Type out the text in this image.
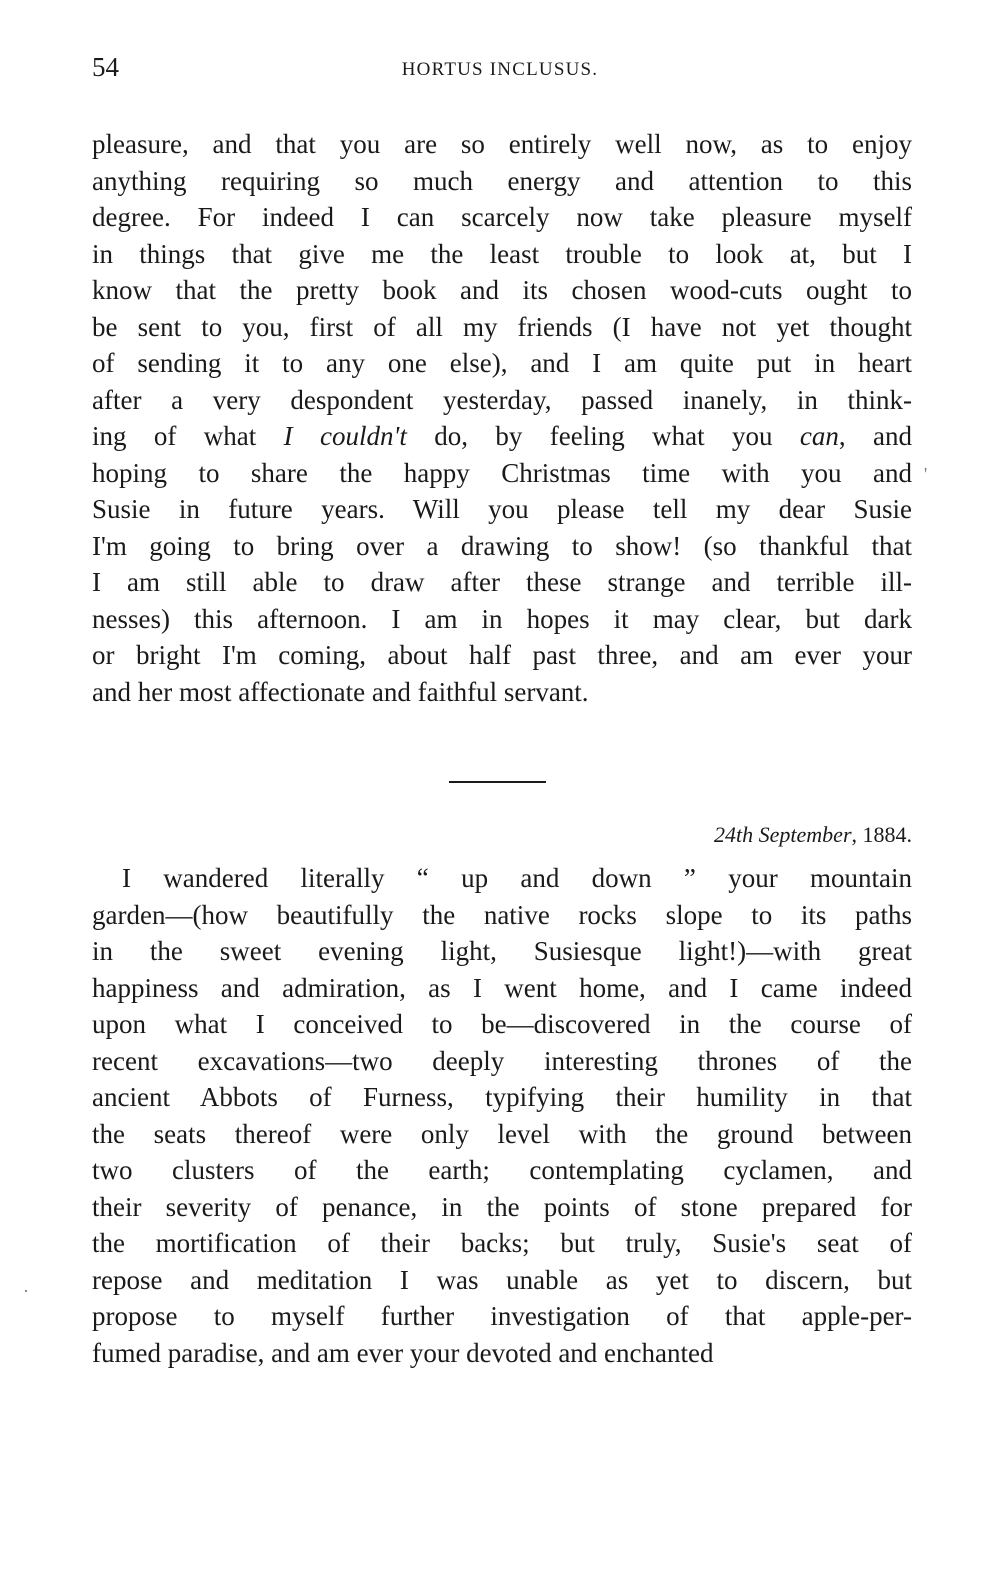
54	HORTUS INCLUSUS.
pleasure, and that you are so entirely well now, as to enjoy
anything requiring so much energy and attention to this
degree. For indeed I can scarcely now take pleasure myself
in things that give me the least trouble to look at, but I
know that the pretty book and its chosen wood-cuts ought to
be sent to you, first of all my friends (I have not yet thought
of sending it to any one else), and I am quite put in heart
after a very despondent yesterday, passed inanely, in think-
ing of what I couldn't do, by feeling what you can, and
hoping to share the happy Christmas time with you and
Susie in future years. Will you please tell my dear Susie
I'm going to bring over a drawing to show! (so thankful that
I am still able to draw after these strange and terrible ill-
nesses) this afternoon. I am in hopes it may clear, but dark
or bright I'm coming, about half past three, and am ever your
and her most affectionate and faithful servant.
'
24th September, 1884.
I wandered literally “ up and down ” your mountain
garden—(how beautifully the native rocks slope to its paths
in the sweet evening light, Susiesque light!)—with great
happiness and admiration, as I went home, and I came indeed
upon what I conceived to be—discovered in the course of
recent excavations—two deeply interesting thrones of the
ancient Abbots of Furness, typifying their humility in that
the seats thereof were only level with the ground between
two clusters of the earth; contemplating cyclamen, and
their severity of penance, in the points of stone prepared for
the mortification of their backs; but truly, Susie's seat of
repose and meditation I was unable as yet to discern, but
propose to myself further investigation of that apple-per-
fumed paradise, and am ever your devoted and enchanted
